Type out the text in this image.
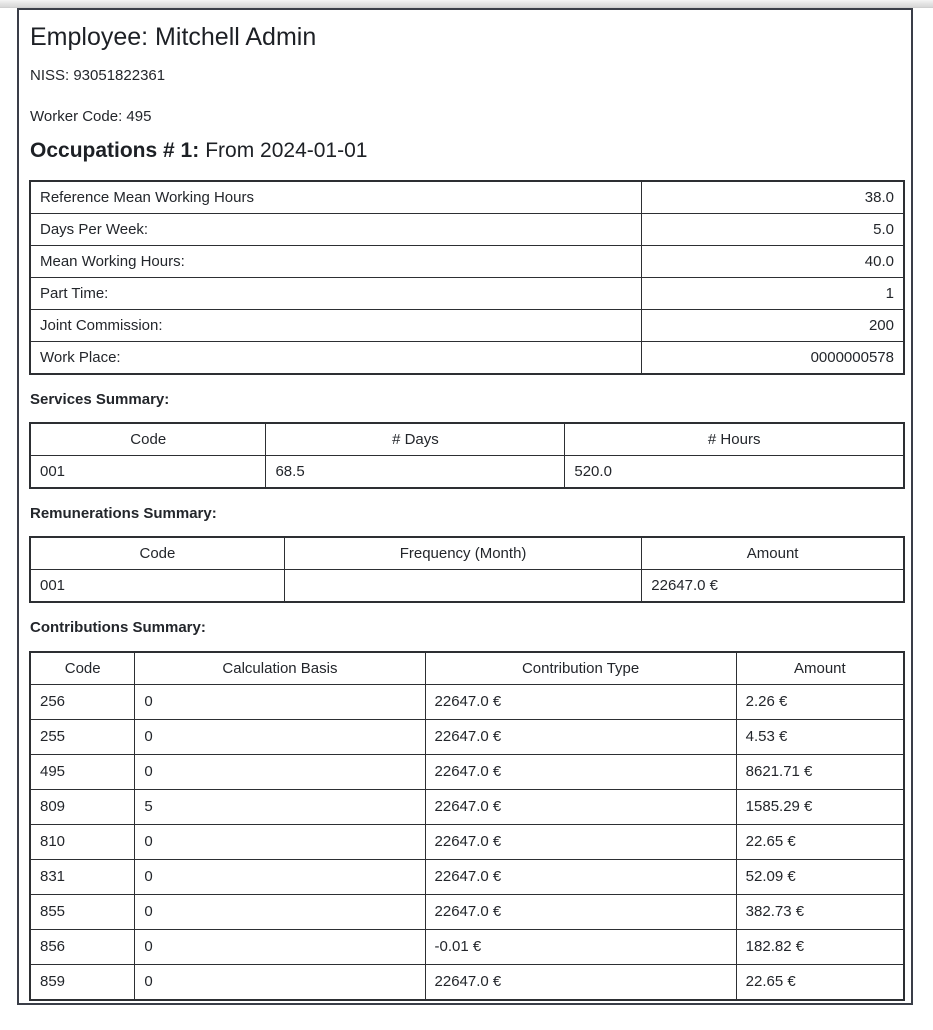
Employee: Mitchell Admin

NISS: 93051822361

Worker Code: 495

Occupations # 1: From 2024-01-01
Reference Mean Working Hours	38.0
Days Per Week:	5.0
Mean Working Hours:	40.0
Part Time:	1
Joint Commission:	200
Work Place:	0000000578

Services Summary:

Code	# Days	# Hours
001	68.5	520.0

Remunerations Summary:

Code	Frequency (Month)	Amount
001		22647.0 €

Contributions Summary:

Code	Calculation Basis	Contribution Type	Amount
256	0	22647.0 €	2.26 €
255	0	22647.0 €	4.53 €
495	0	22647.0 €	8621.71 €
809	5	22647.0 €	1585.29 €
810	0	22647.0 €	22.65 €
831	0	22647.0 €	52.09 €
855	0	22647.0 €	382.73 €
856	0	-0.01 €	182.82 €
859	0	22647.0 €	22.65 €
